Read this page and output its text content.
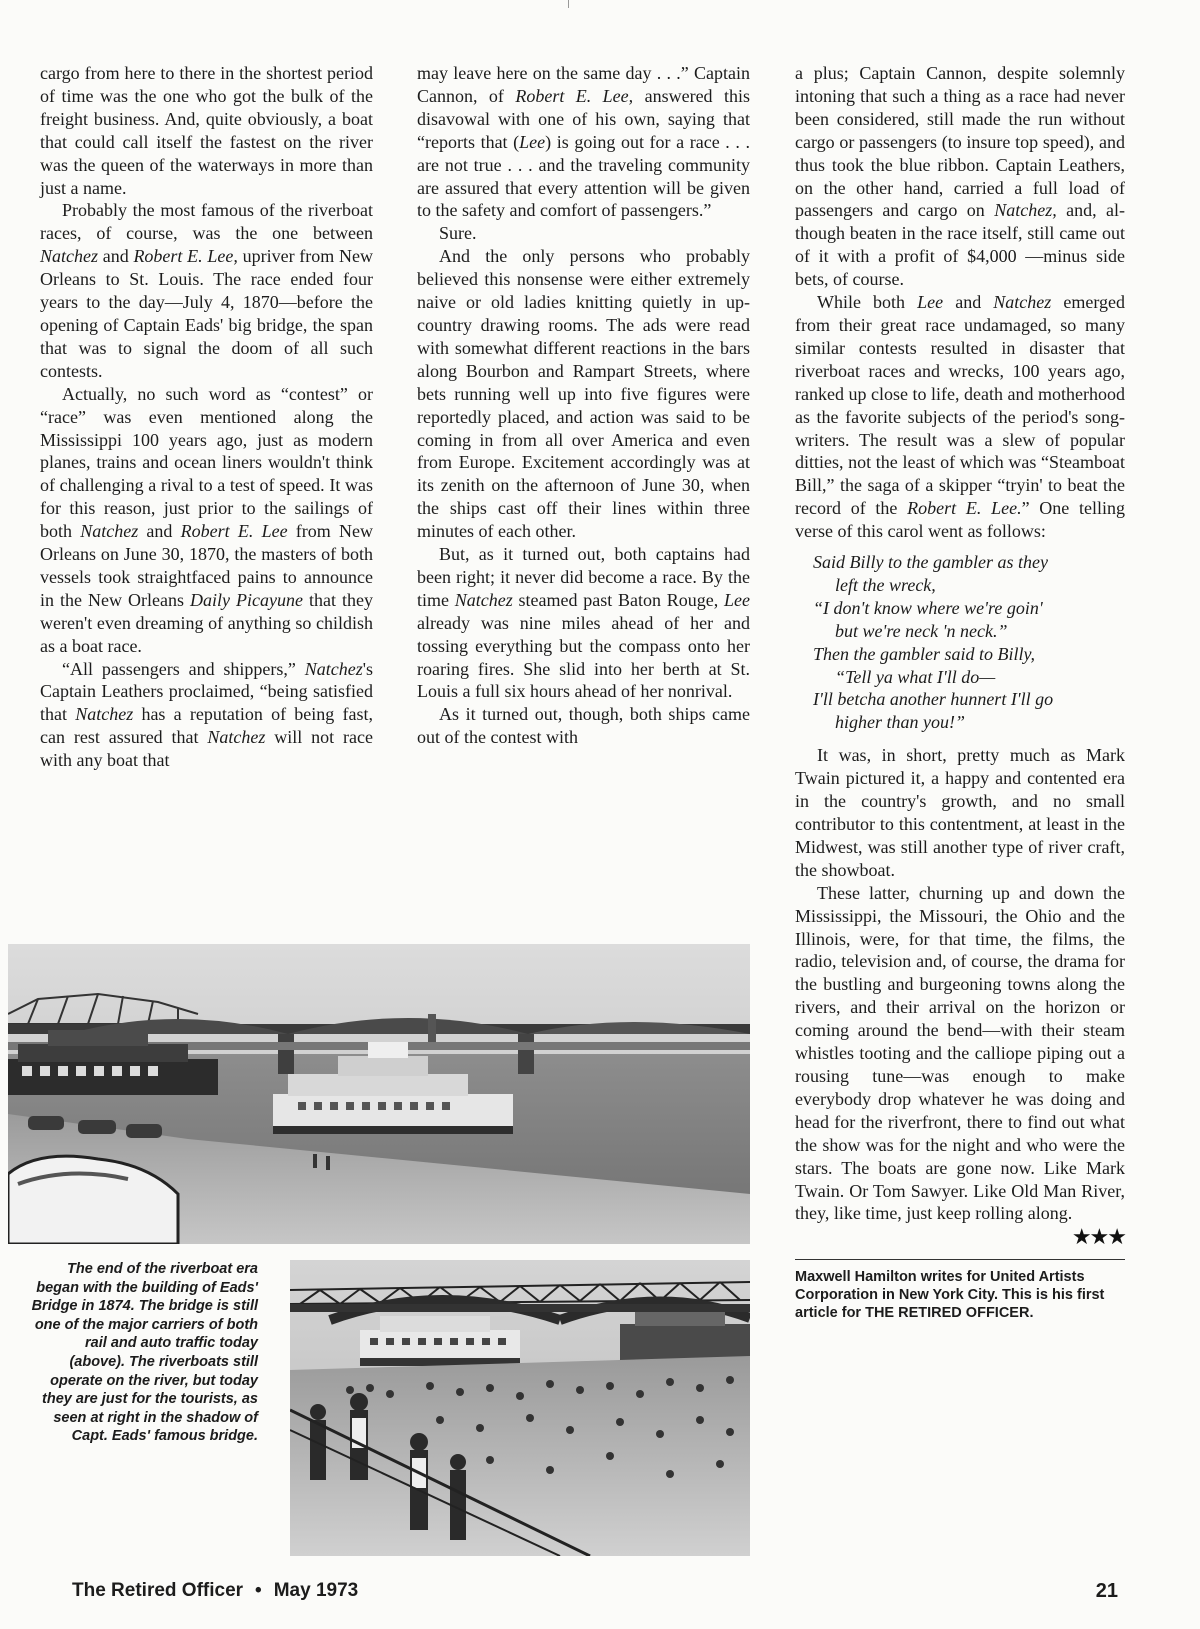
cargo from here to there in the shortest period of time was the one who got the bulk of the freight business. And, quite obviously, a boat that could call itself the fastest on the river was the queen of the waterways in more than just a name.

Probably the most famous of the riverboat races, of course, was the one between Natchez and Robert E. Lee, upriver from New Orleans to St. Louis. The race ended four years to the day—July 4, 1870—before the opening of Captain Eads' big bridge, the span that was to signal the doom of all such contests.

Actually, no such word as “contest” or “race” was even mentioned along the Mississippi 100 years ago, just as modern planes, trains and ocean liners wouldn't think of challenging a rival to a test of speed. It was for this reason, just prior to the sailings of both Natchez and Robert E. Lee from New Orleans on June 30, 1870, the masters of both vessels took straightfaced pains to announce in the New Orleans Daily Picayune that they weren't even dreaming of anything so childish as a boat race.

“All passengers and shippers,” Natchez's Captain Leathers proclaimed, “being satisfied that Natchez has a reputation of being fast, can rest assured that Natchez will not race with any boat that

may leave here on the same day . . .” Captain Cannon, of Robert E. Lee, answered this disavowal with one of his own, saying that “reports that (Lee) is going out for a race . . . are not true . . . and the traveling community are assured that every attention will be given to the safety and comfort of passengers.”

Sure.

And the only persons who probably believed this nonsense were either extremely naive or old ladies knitting quietly in up-country drawing rooms. The ads were read with somewhat different reactions in the bars along Bourbon and Rampart Streets, where bets running well up into five figures were reportedly placed, and action was said to be coming in from all over America and even from Europe. Excitement accordingly was at its zenith on the afternoon of June 30, when the ships cast off their lines within three minutes of each other.

But, as it turned out, both captains had been right; it never did become a race. By the time Natchez steamed past Baton Rouge, Lee already was nine miles ahead of her and tossing everything but the compass onto her roaring fires. She slid into her berth at St. Louis a full six hours ahead of her nonrival.

As it turned out, though, both ships came out of the contest with

a plus; Captain Cannon, despite solemnly intoning that such a thing as a race had never been considered, still made the run without cargo or passengers (to insure top speed), and thus took the blue ribbon. Captain Leathers, on the other hand, carried a full load of passengers and cargo on Natchez, and, although beaten in the race itself, still came out of it with a profit of $4,000 —minus side bets, of course.

While both Lee and Natchez emerged from their great race undamaged, so many similar contests resulted in disaster that riverboat races and wrecks, 100 years ago, ranked up close to life, death and motherhood as the favorite subjects of the period's song-writers. The result was a slew of popular ditties, not the least of which was “Steamboat Bill,” the saga of a skipper “tryin' to beat the record of the Robert E. Lee.” One telling verse of this carol went as follows:

Said Billy to the gambler as they
left the wreck,
“I don't know where we're goin'
but we're neck 'n neck.”
Then the gambler said to Billy,
“Tell ya what I'll do—
I'll betcha another hunnert I'll go
higher than you!”

It was, in short, pretty much as Mark Twain pictured it, a happy and contented era in the country's growth, and no small contributor to this contentment, at least in the Midwest, was still another type of river craft, the showboat.

These latter, churning up and down the Mississippi, the Missouri, the Ohio and the Illinois, were, for that time, the films, the radio, television and, of course, the drama for the bustling and burgeoning towns along the rivers, and their arrival on the horizon or coming around the bend—with their steam whistles tooting and the calliope piping out a rousing tune—was enough to make everybody drop whatever he was doing and head for the riverfront, there to find out what the show was for the night and who were the stars. The boats are gone now. Like Mark Twain. Or Tom Sawyer. Like Old Man River, they, like time, just keep rolling along.

★★★
Maxwell Hamilton writes for United Artists Corporation in New York City. This is his first article for THE RETIRED OFFICER.
The end of the riverboat era began with the building of Eads' Bridge in 1874. The bridge is still one of the major carriers of both rail and auto traffic today (above). The riverboats still operate on the river, but today they are just for the tourists, as seen at right in the shadow of Capt. Eads' famous bridge.
The Retired Officer • May 1973	21
